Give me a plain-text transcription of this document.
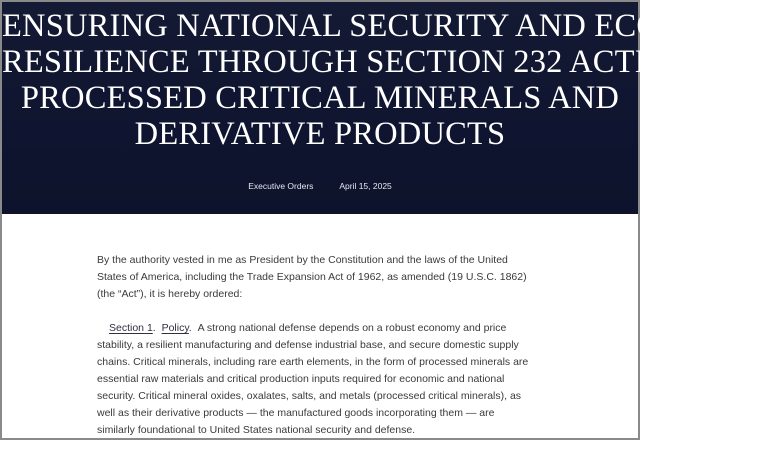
ENSURING NATIONAL SECURITY AND ECONOMIC
RESILIENCE THROUGH SECTION 232 ACTIONS ON
PROCESSED CRITICAL MINERALS AND
DERIVATIVE PRODUCTS
Executive Orders	April 15, 2025

By the authority vested in me as President by the Constitution and the laws of the United
States of America, including the Trade Expansion Act of 1962, as amended (19 U.S.C. 1862)
(the “Act”), it is hereby ordered:

Section 1.  Policy.  A strong national defense depends on a robust economy and price
stability, a resilient manufacturing and defense industrial base, and secure domestic supply
chains. Critical minerals, including rare earth elements, in the form of processed minerals are
essential raw materials and critical production inputs required for economic and national
security. Critical mineral oxides, oxalates, salts, and metals (processed critical minerals), as
well as their derivative products — the manufactured goods incorporating them — are
similarly foundational to United States national security and defense.
